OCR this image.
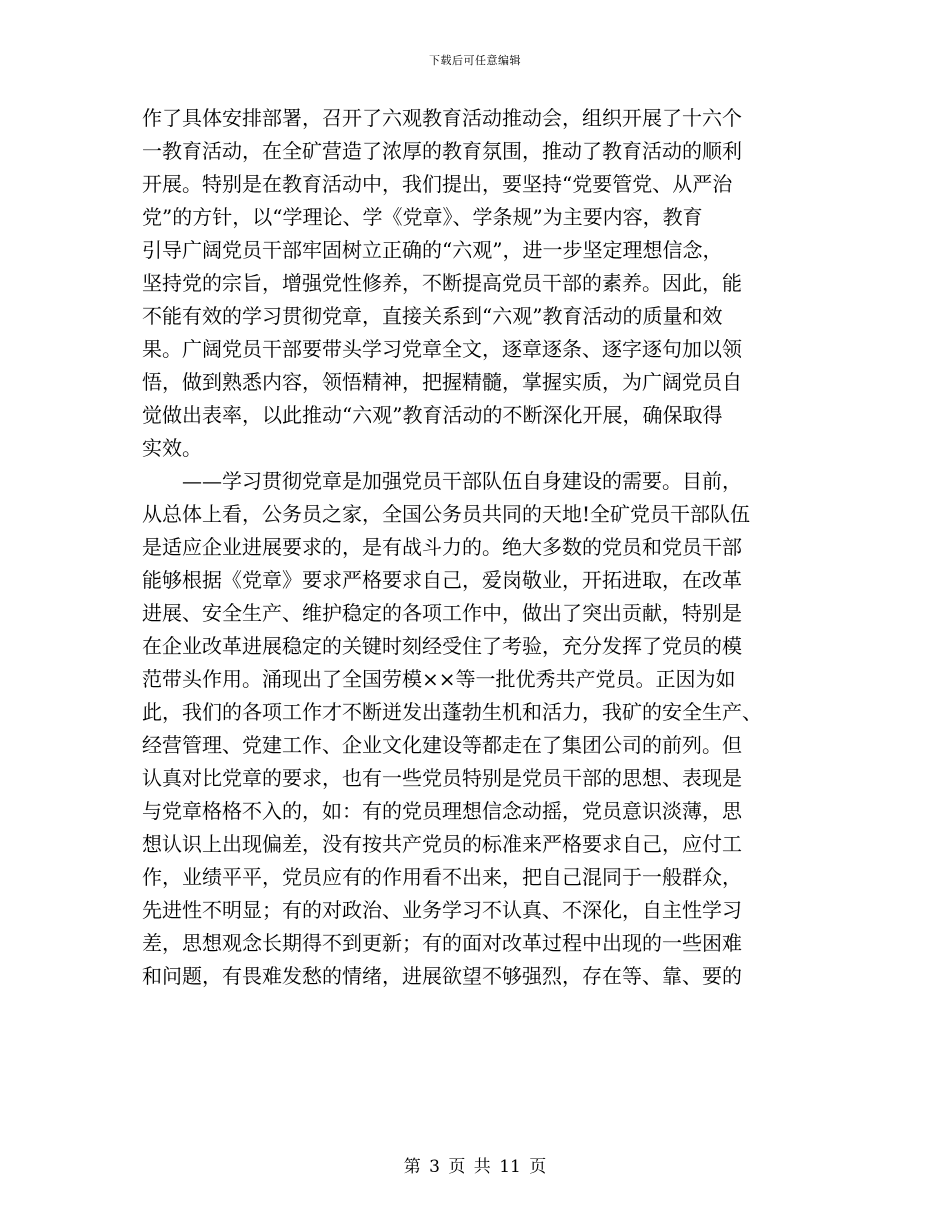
下载后可任意编辑
作了具体安排部署，召开了六观教育活动推动会，组织开展了十六个
一教育活动，在全矿营造了浓厚的教育氛围，推动了教育活动的顺利
开展。特别是在教育活动中，我们提出，要坚持“党要管党、从严治
党”的方针，以“学理论、学《党章》、学条规”为主要内容，教育
引导广阔党员干部牢固树立正确的“六观”，进一步坚定理想信念，
坚持党的宗旨，增强党性修养，不断提高党员干部的素养。因此，能
不能有效的学习贯彻党章，直接关系到“六观”教育活动的质量和效
果。广阔党员干部要带头学习党章全文，逐章逐条、逐字逐句加以领
悟，做到熟悉内容，领悟精神，把握精髓，掌握实质，为广阔党员自
觉做出表率，以此推动“六观”教育活动的不断深化开展，确保取得
实效。
——学习贯彻党章是加强党员干部队伍自身建设的需要。目前，
从总体上看，公务员之家，全国公务员共同的天地!全矿党员干部队伍
是适应企业进展要求的，是有战斗力的。绝大多数的党员和党员干部
能够根据《党章》要求严格要求自己，爱岗敬业，开拓进取，在改革
进展、安全生产、维护稳定的各项工作中，做出了突出贡献，特别是
在企业改革进展稳定的关键时刻经受住了考验，充分发挥了党员的模
范带头作用。涌现出了全国劳模××等一批优秀共产党员。正因为如
此，我们的各项工作才不断迸发出蓬勃生机和活力，我矿的安全生产、
经营管理、党建工作、企业文化建设等都走在了集团公司的前列。但
认真对比党章的要求，也有一些党员特别是党员干部的思想、表现是
与党章格格不入的，如：有的党员理想信念动摇，党员意识淡薄，思
想认识上出现偏差，没有按共产党员的标准来严格要求自己，应付工
作，业绩平平，党员应有的作用看不出来，把自己混同于一般群众，
先进性不明显；有的对政治、业务学习不认真、不深化，自主性学习
差，思想观念长期得不到更新；有的面对改革过程中出现的一些困难
和问题，有畏难发愁的情绪，进展欲望不够强烈，存在等、靠、要的
第 3 页 共 11 页
